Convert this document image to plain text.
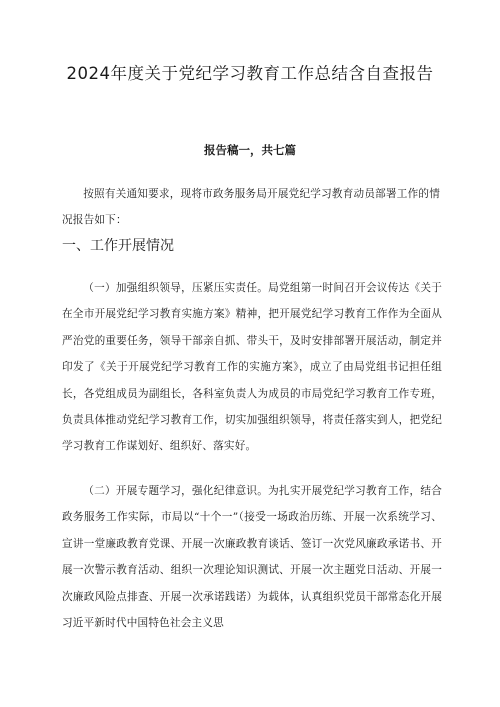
2024年度关于党纪学习教育工作总结含自查报告
报告稿一，共七篇
按照有关通知要求，现将市政务服务局开展党纪学习教育动员部署工作的情况报告如下：
一、工作开展情况
（一）加强组织领导，压紧压实责任。局党组第一时间召开会议传达《关于在全市开展党纪学习教育实施方案》精神，把开展党纪学习教育工作作为全面从严治党的重要任务，领导干部亲自抓、带头干，及时安排部署开展活动，制定并印发了《关于开展党纪学习教育工作的实施方案》，成立了由局党组书记担任组长，各党组成员为副组长，各科室负责人为成员的市局党纪学习教育工作专班，负责具体推动党纪学习教育工作，切实加强组织领导，将责任落实到人，把党纪学习教育工作谋划好、组织好、落实好。
（二）开展专题学习，强化纪律意识。为扎实开展党纪学习教育工作，结合政务服务工作实际，市局以“十个一”（接受一场政治历练、开展一次系统学习、宣讲一堂廉政教育党课、开展一次廉政教育谈话、签订一次党风廉政承诺书、开展一次警示教育活动、组织一次理论知识测试、开展一次主题党日活动、开展一次廉政风险点排查、开展一次承诺践诺）为载体，认真组织党员干部常态化开展习近平新时代中国特色社会主义思
